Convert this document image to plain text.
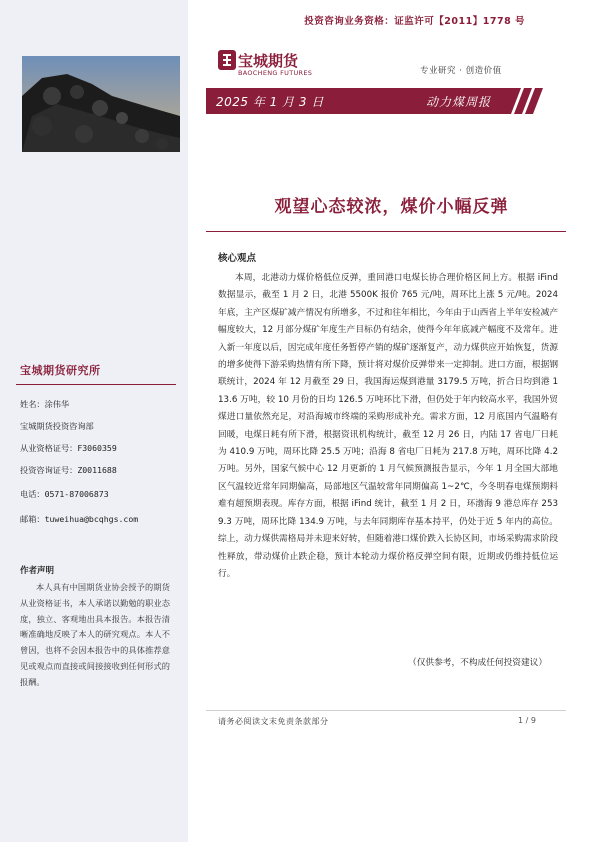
投资咨询业务资格：证监许可【2011】1778 号
宝城期货
BAOCHENG FUTURES	专业研究 · 创造价值
2025 年 1 月 3 日	动力煤周报
观望心态较浓，煤价小幅反弹
核心观点
本周，北港动力煤价格低位反弹，重回港口电煤长协合理价格区间上方。根据 iFind 数据显示，截至 1 月 2 日，北港 5500K 报价 765 元/吨，周环比上涨 5 元/吨。2024 年底，主产区煤矿减产情况有所增多，不过和往年相比，今年由于山西省上半年安检减产幅度较大，12 月部分煤矿年度生产目标仍有结余，使得今年年底减产幅度不及常年。进入新一年度以后，因完成年度任务暂停产销的煤矿逐渐复产，动力煤供应开始恢复，货源的增多使得下游采购热情有所下降，预计将对煤价反弹带来一定抑制。进口方面，根据钢联统计，2024 年 12 月截至 29 日，我国海运煤到港量 3179.5 万吨，折合日均到港 113.6 万吨，较 10 月份的日均 126.5 万吨环比下滑，但仍处于年内较高水平，我国外贸煤进口量依然充足，对沿海城市终端的采购形成补充。需求方面，12 月底国内气温略有回暖，电煤日耗有所下滑，根据资讯机构统计，截至 12 月 26 日，内陆 17 省电厂日耗为 410.9 万吨，周环比降 25.5 万吨；沿海 8 省电厂日耗为 217.8 万吨，周环比降 4.2 万吨。另外，国家气候中心 12 月更新的 1 月气候预测报告显示，今年 1 月全国大部地区气温较近常年同期偏高，局部地区气温较常年同期偏高 1~2℃，今冬明春电煤预期料难有超预期表现。库存方面，根据 iFind 统计，截至 1 月 2 日，环渤海 9 港总库存 2539.3 万吨，周环比降 134.9 万吨，与去年同期库存基本持平，仍处于近 5 年内的高位。综上，动力煤供需格局并未迎来好转，但随着港口煤价跌入长协区间，市场采购需求阶段性释放，带动煤价止跌企稳，预计本轮动力煤价格反弹空间有限，近期或仍维持低位运行。
（仅供参考，不构成任何投资建议）
宝城期货研究所
姓名：涂伟华
宝城期货投资咨询部
从业资格证号：F3060359
投资咨询证号：Z0011688
电话：0571-87006873
邮箱：tuweihua@bcqhgs.com
作者声明
本人具有中国期货业协会授予的期货从业资格证书，本人承诺以勤勉的职业态度，独立、客观地出具本报告。本报告清晰准确地反映了本人的研究观点。本人不曾因，也将不会因本报告中的具体推荐意见或观点而直接或间接接收到任何形式的报酬。
请务必阅读文末免责条款部分	1 / 9
